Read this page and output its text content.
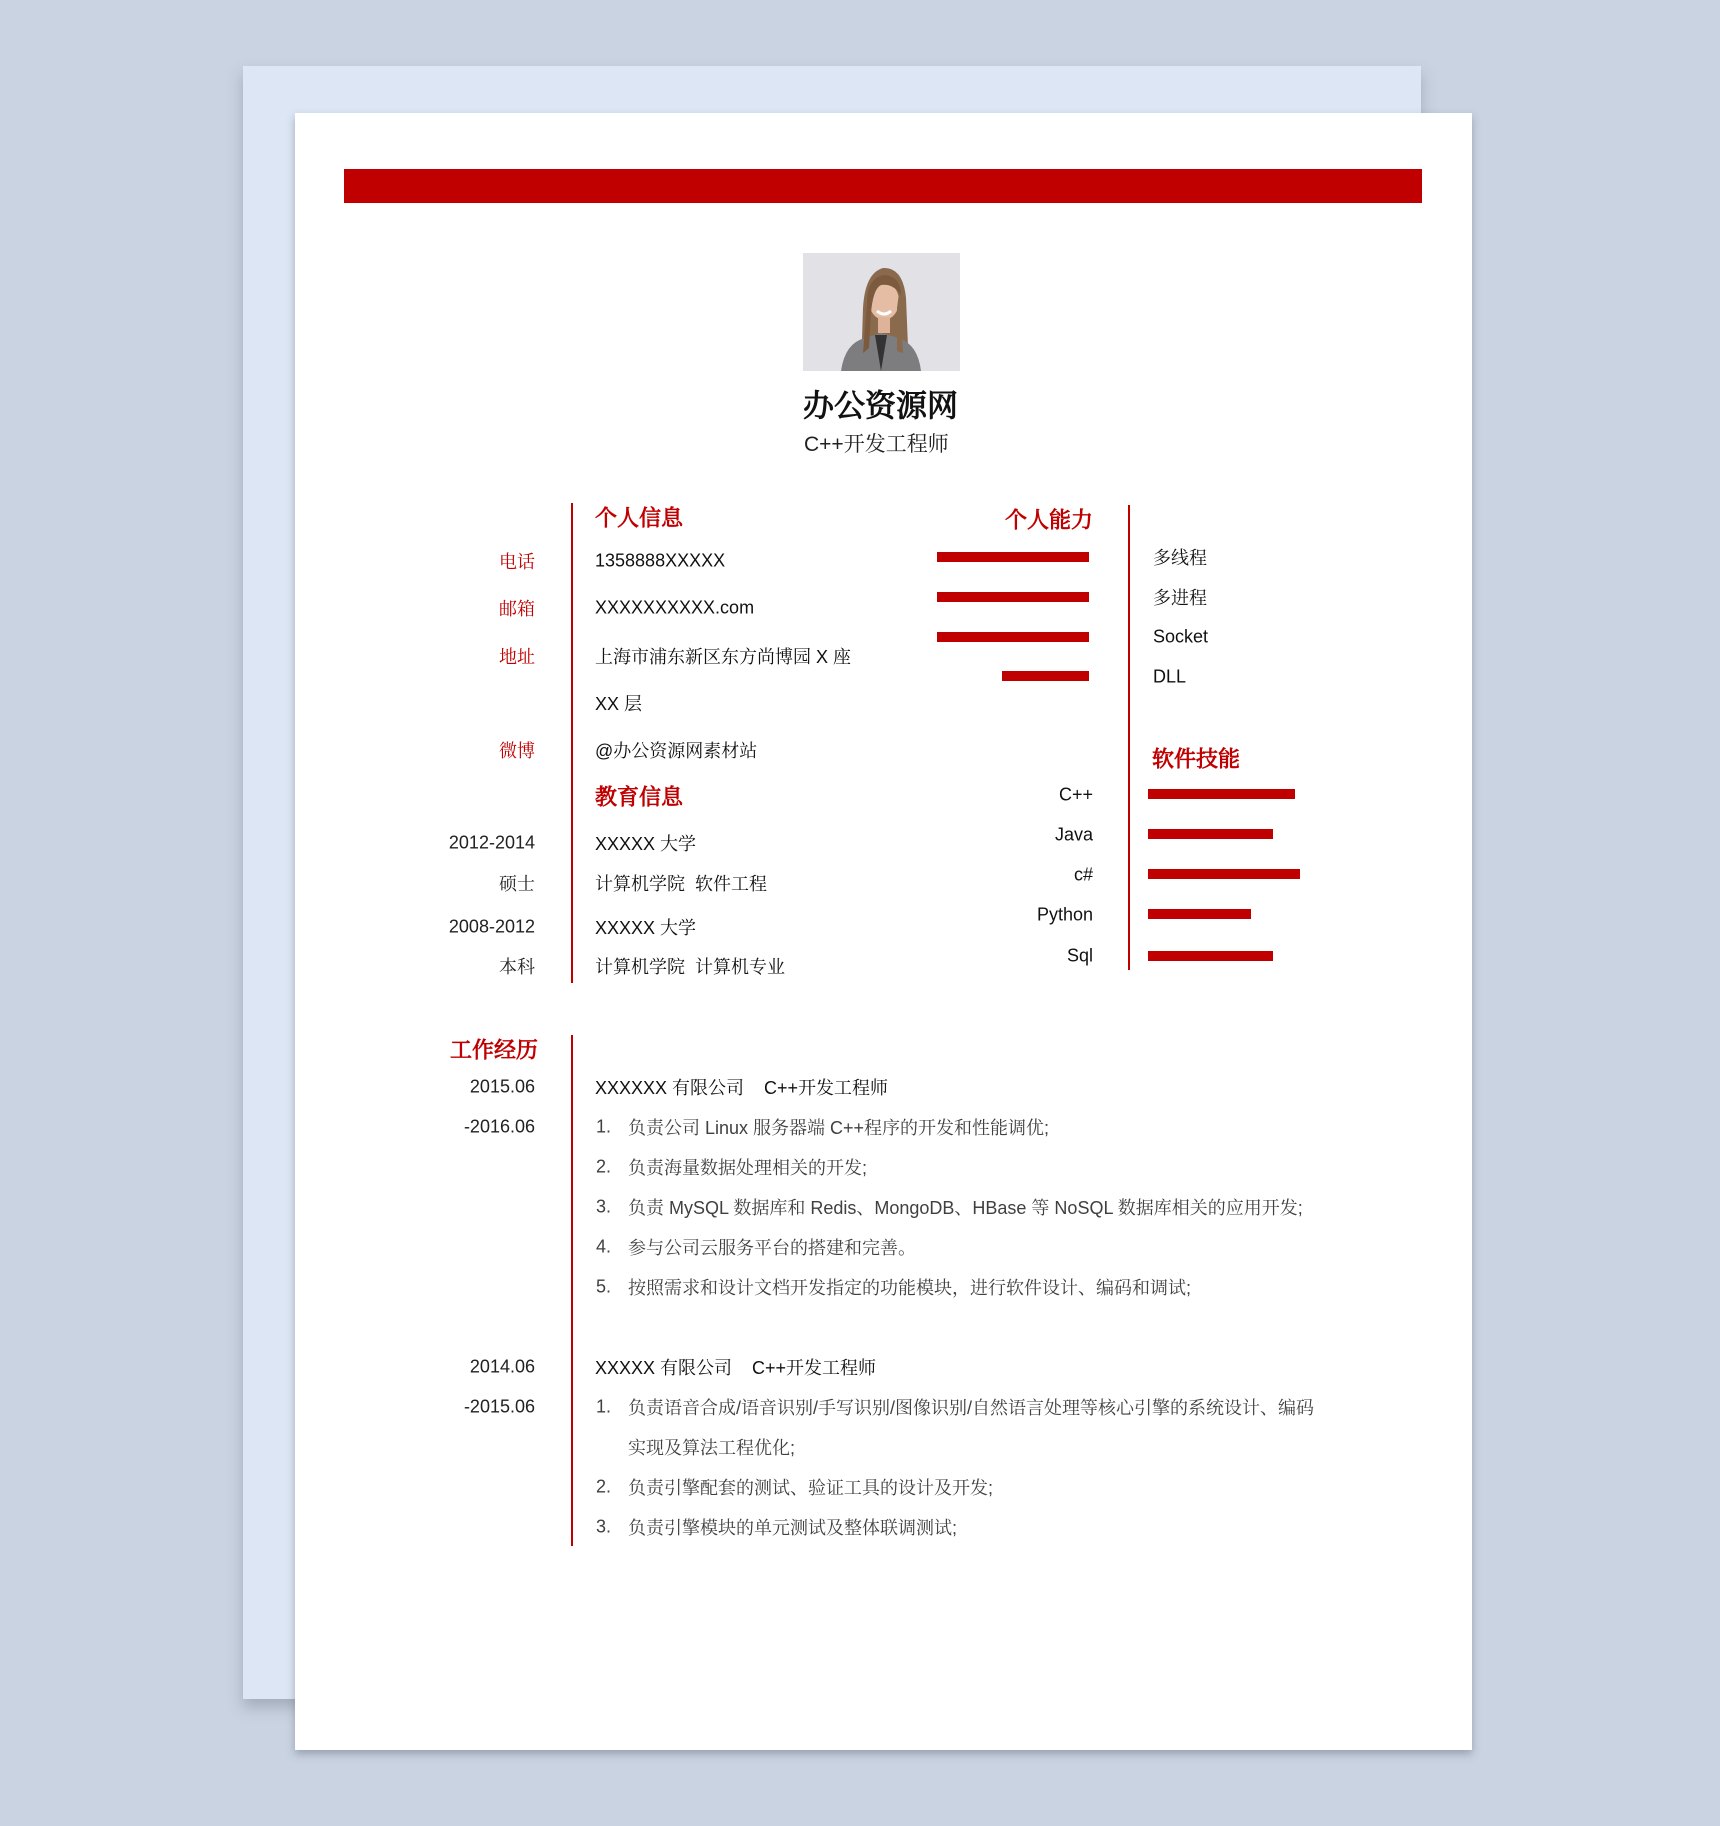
办公资源网
C++开发工程师
个人信息
电话	1358888XXXXX
邮箱	XXXXXXXXXX.com
地址	上海市浦东新区东方尚博园 X 座
XX 层
微博	@办公资源网素材站
教育信息
2012-2014	XXXXX 大学
硕士	计算机学院  软件工程
2008-2012	XXXXX 大学
本科	计算机学院  计算机专业
个人能力
多线程
多进程
Socket
DLL
软件技能
C++
Java
c#
Python
Sql
工作经历
2015.06
-2016.06
XXXXXX 有限公司    C++开发工程师
1. 负责公司 Linux 服务器端 C++程序的开发和性能调优;
2. 负责海量数据处理相关的开发;
3. 负责 MySQL 数据库和 Redis、MongoDB、HBase 等 NoSQL 数据库相关的应用开发;
4. 参与公司云服务平台的搭建和完善。
5. 按照需求和设计文档开发指定的功能模块，进行软件设计、编码和调试;
2014.06
-2015.06
XXXXX 有限公司    C++开发工程师
1. 负责语音合成/语音识别/手写识别/图像识别/自然语言处理等核心引擎的系统设计、编码
实现及算法工程优化;
2. 负责引擎配套的测试、验证工具的设计及开发;
3. 负责引擎模块的单元测试及整体联调测试;
